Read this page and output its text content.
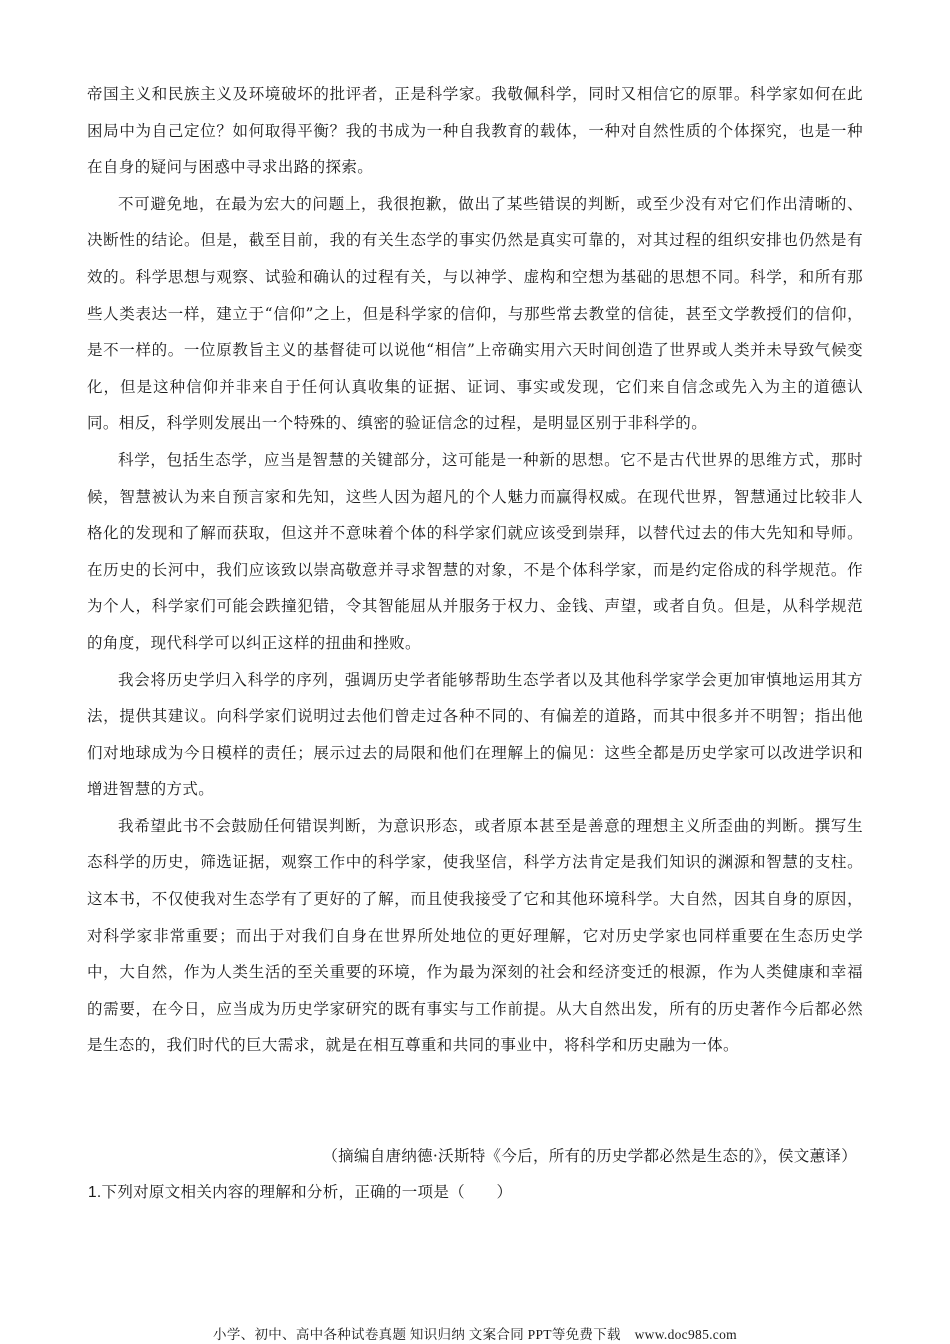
帝国主义和民族主义及环境破坏的批评者，正是科学家。我敬佩科学，同时又相信它的原罪。科学家如何在此困局中为自己定位？如何取得平衡？我的书成为一种自我教育的载体，一种对自然性质的个体探究，也是一种在自身的疑问与困惑中寻求出路的探索。

不可避免地，在最为宏大的问题上，我很抱歉，做出了某些错误的判断，或至少没有对它们作出清晰的、决断性的结论。但是，截至目前，我的有关生态学的事实仍然是真实可靠的，对其过程的组织安排也仍然是有效的。科学思想与观察、试验和确认的过程有关，与以神学、虚构和空想为基础的思想不同。科学，和所有那些人类表达一样，建立于“信仰”之上，但是科学家的信仰，与那些常去教堂的信徒，甚至文学教授们的信仰，是不一样的。一位原教旨主义的基督徒可以说他“相信”上帝确实用六天时间创造了世界或人类并未导致气候变化，但是这种信仰并非来自于任何认真收集的证据、证词、事实或发现，它们来自信念或先入为主的道德认同。相反，科学则发展出一个特殊的、缜密的验证信念的过程，是明显区别于非科学的。

科学，包括生态学，应当是智慧的关键部分，这可能是一种新的思想。它不是古代世界的思维方式，那时候，智慧被认为来自预言家和先知，这些人因为超凡的个人魅力而赢得权威。在现代世界，智慧通过比较非人格化的发现和了解而获取，但这并不意味着个体的科学家们就应该受到崇拜，以替代过去的伟大先知和导师。在历史的长河中，我们应该致以崇高敬意并寻求智慧的对象，不是个体科学家，而是约定俗成的科学规范。作为个人，科学家们可能会跌撞犯错，令其智能屈从并服务于权力、金钱、声望，或者自负。但是，从科学规范的角度，现代科学可以纠正这样的扭曲和挫败。

我会将历史学归入科学的序列，强调历史学者能够帮助生态学者以及其他科学家学会更加审慎地运用其方法，提供其建议。向科学家们说明过去他们曾走过各种不同的、有偏差的道路，而其中很多并不明智；指出他们对地球成为今日模样的责任；展示过去的局限和他们在理解上的偏见：这些全都是历史学家可以改进学识和增进智慧的方式。

我希望此书不会鼓励任何错误判断，为意识形态，或者原本甚至是善意的理想主义所歪曲的判断。撰写生态科学的历史，筛选证据，观察工作中的科学家，使我坚信，科学方法肯定是我们知识的渊源和智慧的支柱。这本书，不仅使我对生态学有了更好的了解，而且使我接受了它和其他环境科学。大自然，因其自身的原因，对科学家非常重要；而出于对我们自身在世界所处地位的更好理解，它对历史学家也同样重要在生态历史学中，大自然，作为人类生活的至关重要的环境，作为最为深刻的社会和经济变迁的根源，作为人类健康和幸福的需要，在今日，应当成为历史学家研究的既有事实与工作前提。从大自然出发，所有的历史著作今后都必然是生态的，我们时代的巨大需求，就是在相互尊重和共同的事业中，将科学和历史融为一体。

（摘编自唐纳德·沃斯特《今后，所有的历史学都必然是生态的》，侯文蕙译）
1.下列对原文相关内容的理解和分析，正确的一项是（　　）
小学、初中、高中各种试卷真题 知识归纳 文案合同 PPT等免费下载　www.doc985.com
